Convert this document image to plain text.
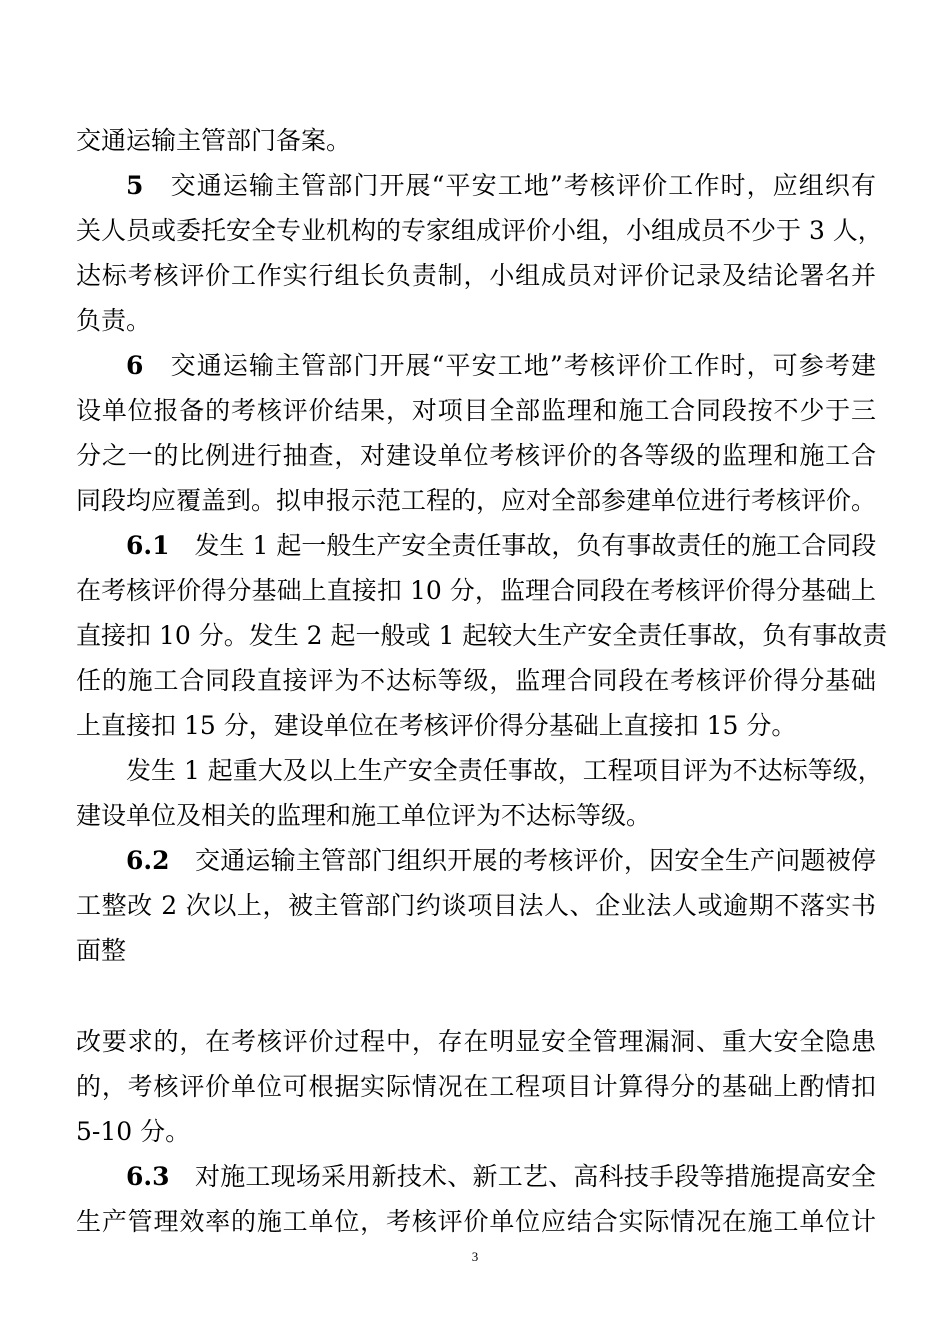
交通运输主管部门备案。
5　 交通运输主管部门开展“平安工地”考核评价工作时，应组织有
关人员或委托安全专业机构的专家组成评价小组，小组成员不少于 3 人，
达标考核评价工作实行组长负责制，小组成员对评价记录及结论署名并
负责。
6　 交通运输主管部门开展“平安工地”考核评价工作时，可参考建
设单位报备的考核评价结果，对项目全部监理和施工合同段按不少于三
分之一的比例进行抽查，对建设单位考核评价的各等级的监理和施工合
同段均应覆盖到。拟申报示范工程的，应对全部参建单位进行考核评价。
6.1　 发生 1 起一般生产安全责任事故，负有事故责任的施工合同段
在考核评价得分基础上直接扣 10 分，监理合同段在考核评价得分基础上
直接扣 10 分。发生 2 起一般或 1 起较大生产安全责任事故，负有事故责
任的施工合同段直接评为不达标等级，监理合同段在考核评价得分基础
上直接扣 15 分，建设单位在考核评价得分基础上直接扣 15 分。
发生 1 起重大及以上生产安全责任事故，工程项目评为不达标等级，
建设单位及相关的监理和施工单位评为不达标等级。
6.2　 交通运输主管部门组织开展的考核评价，因安全生产问题被停
工整改 2 次以上，被主管部门约谈项目法人、企业法人或逾期不落实书
面整
改要求的，在考核评价过程中，存在明显安全管理漏洞、重大安全隐患
的，考核评价单位可根据实际情况在工程项目计算得分的基础上酌情扣
5-10 分。
6.3　 对施工现场采用新技术、新工艺、高科技手段等措施提高安全
生产管理效率的施工单位，考核评价单位应结合实际情况在施工单位计
3
